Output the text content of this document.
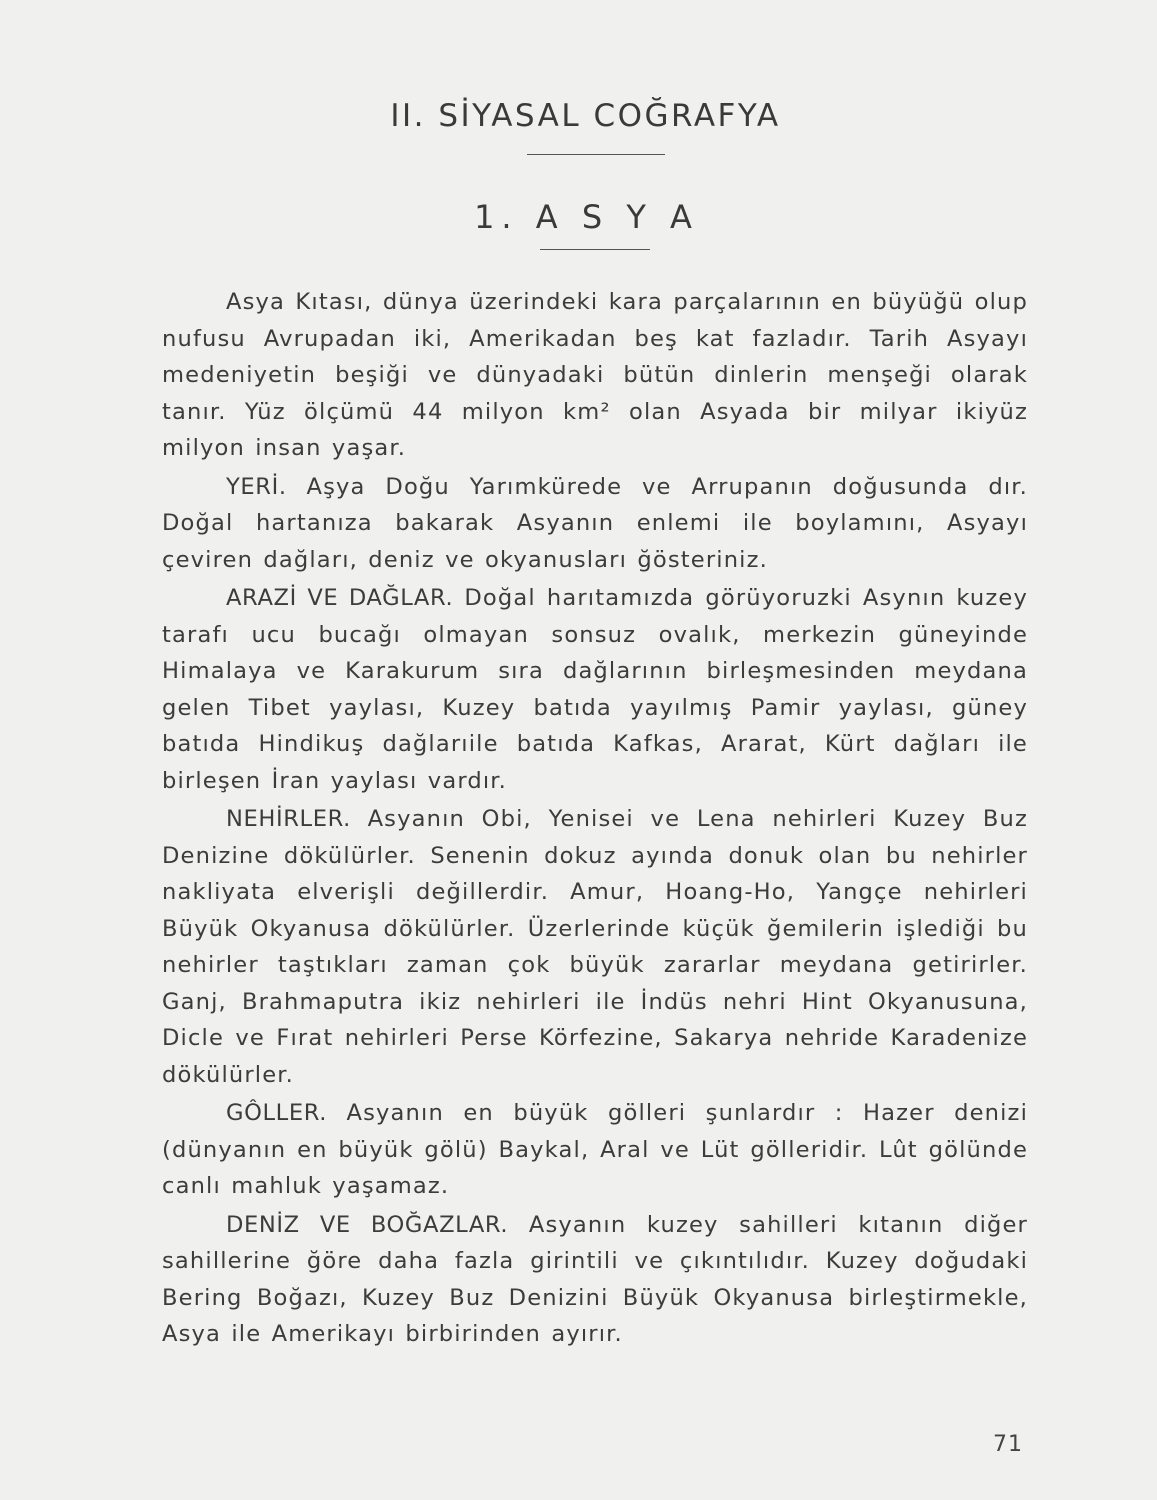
II. SİYASAL COĞRAFYA
1. A S Y A

Asya Kıtası, dünya üzerindeki kara parçalarının en büyüğü olup nufusu Avrupadan iki, Amerikadan beş kat fazladır. Tarih Asyayı medeniyetin beşiği ve dünyadaki bütün dinlerin menşeği olarak tanır. Yüz ölçümü 44 milyon km² olan Asyada bir milyar ikiyüz milyon insan yaşar.

YERİ. Aşya Doğu Yarımkürede ve Arrupanın doğusunda dır. Doğal hartanıza bakarak Asyanın enlemi ile boylamını, Asyayı çeviren dağları, deniz ve okyanusları ğösteriniz.

ARAZİ VE DAĞLAR. Doğal harıtamızda görüyoruzki Asynın kuzey tarafı ucu bucağı olmayan sonsuz ovalık, merkezin güneyinde Himalaya ve Karakurum sıra dağlarının birleşmesinden meydana gelen Tibet yaylası, Kuzey batıda yayılmış Pamir yaylası, güney batıda Hindikuş dağlarıile batıda Kafkas, Ararat, Kürt dağları ile birleşen İran yaylası vardır.

NEHİRLER. Asyanın Obi, Yenisei ve Lena nehirleri Kuzey Buz Denizine dökülürler. Senenin dokuz ayında donuk olan bu nehirler nakliyata elverişli değillerdir. Amur, Hoang-Ho, Yangçe nehirleri Büyük Okyanusa dökülürler. Üzerlerinde küçük ğemilerin işlediği bu nehirler taştıkları zaman çok büyük zararlar meydana getirirler. Ganj, Brahmaputra ikiz nehirleri ile İndüs nehri Hint Okyanusuna, Dicle ve Fırat nehirleri Perse Körfezine, Sakarya nehride Karadenize dökülürler.

GÔLLER. Asyanın en büyük gölleri şunlardır : Hazer denizi (dünyanın en büyük gölü) Baykal, Aral ve Lüt gölleridir. Lût gölünde canlı mahluk yaşamaz.

DENİZ VE BOĞAZLAR. Asyanın kuzey sahilleri kıtanın diğer sahillerine ğöre daha fazla girintili ve çıkıntılıdır. Kuzey doğudaki Bering Boğazı, Kuzey Buz Denizini Büyük Okyanusa birleştirmekle, Asya ile Amerikayı birbirinden ayırır.

71
